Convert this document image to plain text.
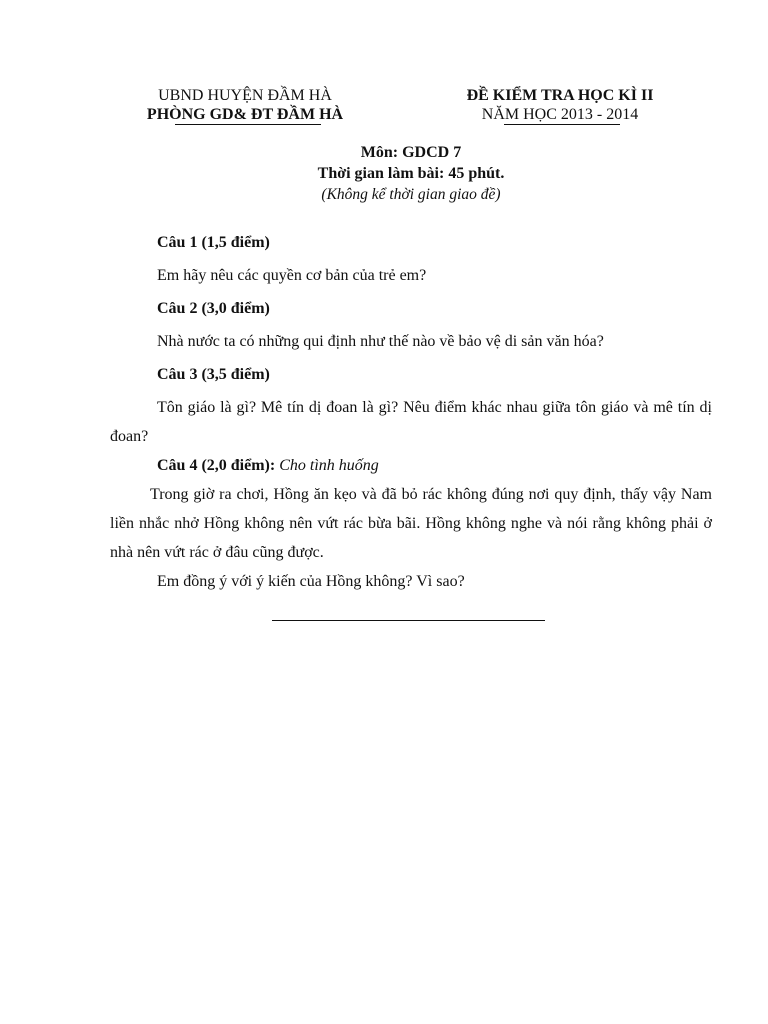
UBND HUYỆN ĐẦM HÀ
PHÒNG GD& ĐT ĐẦM HÀ
ĐỀ KIỂM TRA HỌC KÌ II
NĂM HỌC 2013 - 2014
Môn: GDCD 7
Thời gian làm bài: 45 phút.
(Không kể thời gian giao đề)

Câu 1 (1,5 điểm)

Em hãy nêu các quyền cơ bản của trẻ em?

Câu 2 (3,0 điểm)

Nhà nước ta có những qui định như thế nào về bảo vệ di sản văn hóa?

Câu 3 (3,5 điểm)

Tôn giáo là gì? Mê tín dị đoan là gì? Nêu điểm khác nhau giữa tôn giáo và mê tín dị đoan?

Câu 4 (2,0 điểm): Cho tình huống

Trong giờ ra chơi, Hồng ăn kẹo và đã bỏ rác không đúng nơi quy định, thấy vậy Nam liền nhắc nhở Hồng không nên vứt rác bừa bãi. Hồng không nghe và nói rằng không phải ở nhà nên vứt rác ở đâu cũng được.

Em đồng ý với ý kiến của Hồng không? Vì sao?
